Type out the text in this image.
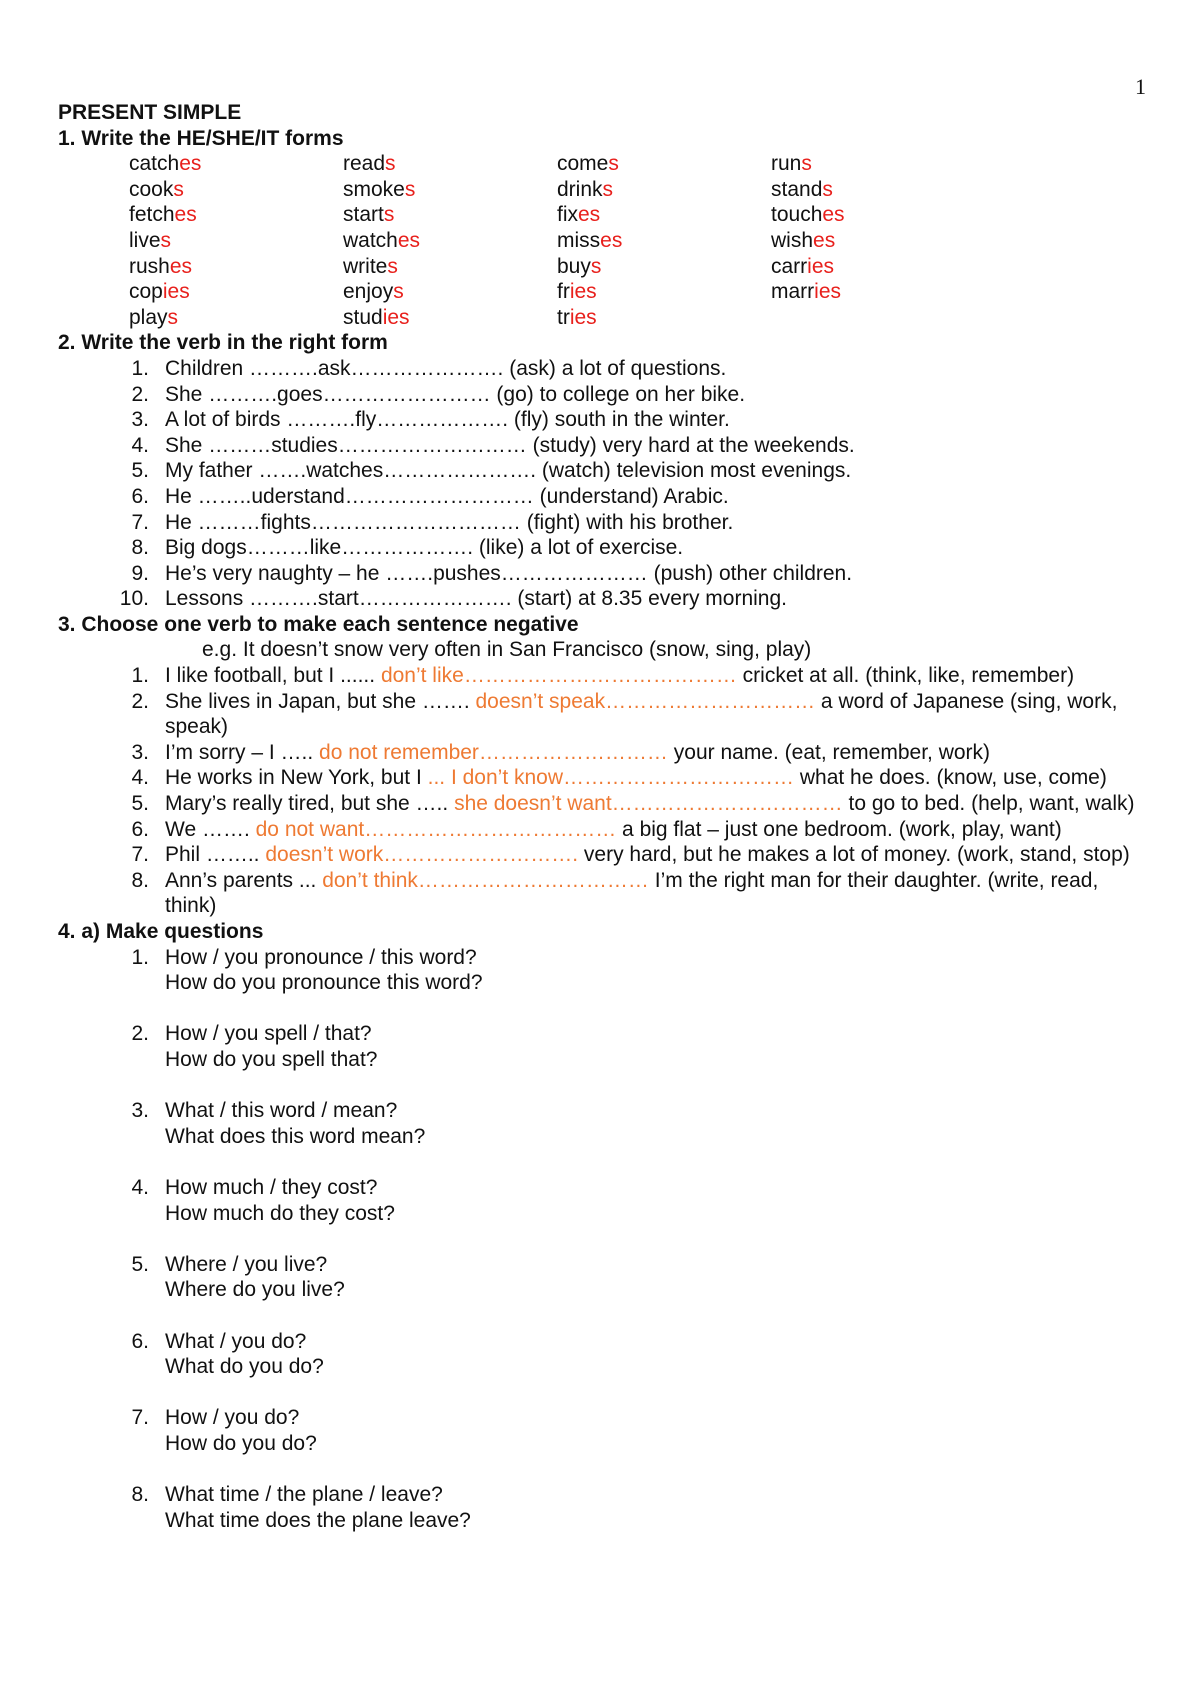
1
PRESENT SIMPLE
1. Write the HE/SHE/IT forms
catches	reads	comes	runs
cooks	smokes	drinks	stands
fetches	starts	fixes	touches
lives	watches	misses	wishes
rushes	writes	buys	carries
copies	enjoys	fries	marries
plays	studies	tries
2. Write the verb in the right form
1. Children ……….ask…………………. (ask) a lot of questions.
2. She ……….goes…………………… (go) to college on her bike.
3. A lot of birds ……….fly………………. (fly) south in the winter.
4. She ………studies……………………… (study) very hard at the weekends.
5. My father …….watches…………………. (watch) television most evenings.
6. He ……..uderstand……………………… (understand) Arabic.
7. He ………fights………………………… (fight) with his brother.
8. Big dogs………like………………. (like) a lot of exercise.
9. He’s very naughty – he …….pushes………………… (push) other children.
10. Lessons ……….start…………………. (start) at 8.35 every morning.
3. Choose one verb to make each sentence negative
e.g. It doesn’t snow very often in San Francisco (snow, sing, play)
1. I like football, but I ...... don’t like………………………………… cricket at all. (think, like, remember)
2. She lives in Japan, but she ……. doesn’t speak………………………… a word of Japanese (sing, work, speak)
3. I’m sorry – I ….. do not remember……………………… your name. (eat, remember, work)
4. He works in New York, but I ... I don’t know…………………………… what he does. (know, use, come)
5. Mary’s really tired, but she ….. she doesn’t want…………………………… to go to bed. (help, want, walk)
6. We ……. do not want……………………………… a big flat – just one bedroom. (work, play, want)
7. Phil …….. doesn’t work………………………. very hard, but he makes a lot of money. (work, stand, stop)
8. Ann’s parents ... don’t think…………………………… I’m the right man for their daughter. (write, read, think)
4. a) Make questions
1. How / you pronounce / this word?
How do you pronounce this word?
2. How / you spell / that?
How do you spell that?
3. What / this word / mean?
What does this word mean?
4. How much / they cost?
How much do they cost?
5. Where / you live?
Where do you live?
6. What / you do?
What do you do?
7. How / you do?
How do you do?
8. What time / the plane / leave?
What time does the plane leave?
